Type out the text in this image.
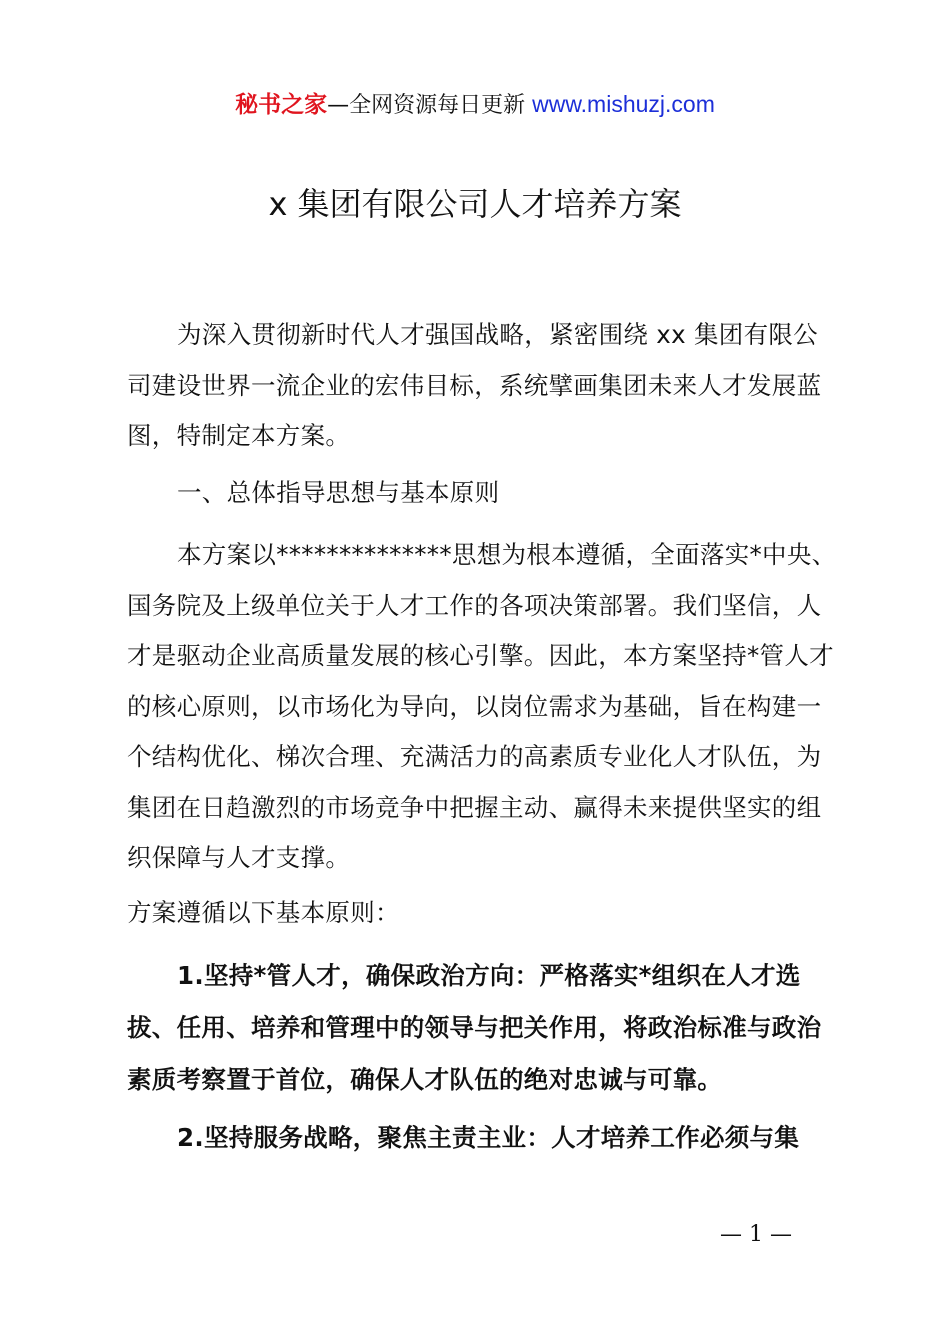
秘书之家—全网资源每日更新 www.mishuzj.com
x 集团有限公司人才培养方案

为深入贯彻新时代人才强国战略，紧密围绕 xx 集团有限公司建设世界一流企业的宏伟目标，系统擘画集团未来人才发展蓝图，特制定本方案。

一、总体指导思想与基本原则

本方案以**************思想为根本遵循，全面落实*中央、国务院及上级单位关于人才工作的各项决策部署。我们坚信，人才是驱动企业高质量发展的核心引擎。因此，本方案坚持*管人才的核心原则，以市场化为导向，以岗位需求为基础，旨在构建一个结构优化、梯次合理、充满活力的高素质专业化人才队伍，为集团在日趋激烈的市场竞争中把握主动、赢得未来提供坚实的组织保障与人才支撑。

方案遵循以下基本原则：

1.坚持*管人才，确保政治方向：严格落实*组织在人才选拔、任用、培养和管理中的领导与把关作用，将政治标准与政治素质考察置于首位，确保人才队伍的绝对忠诚与可靠。

2.坚持服务战略，聚焦主责主业：人才培养工作必须与集

— 1 —
